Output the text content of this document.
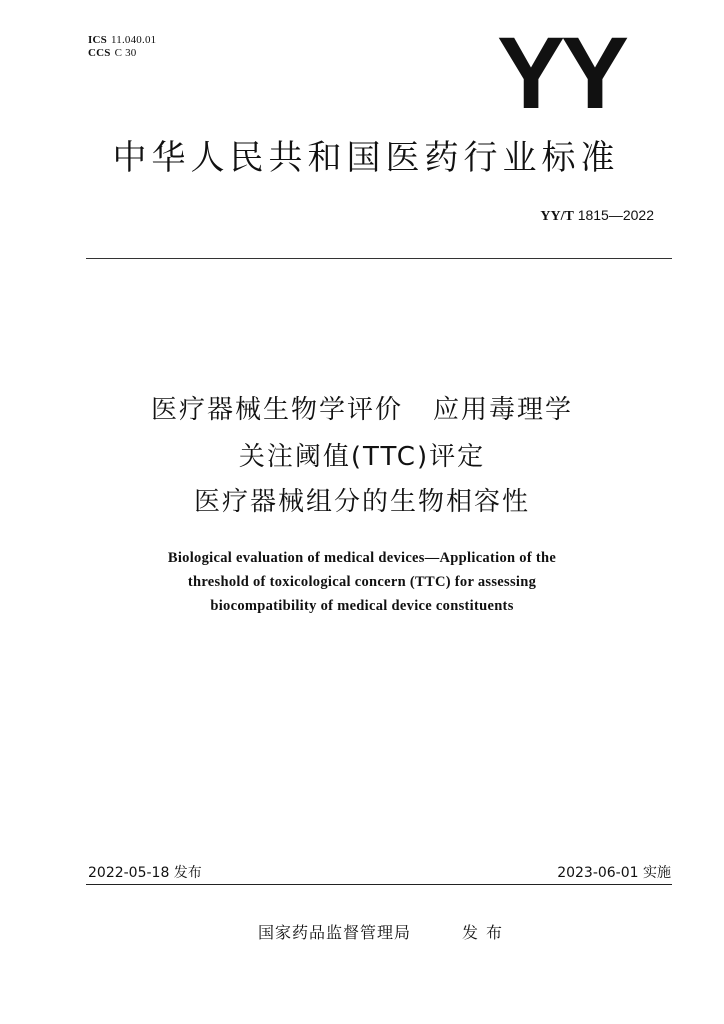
ICS 11.040.01
CCS C 30	YY
中华人民共和国医药行业标准
YY/T 1815—2022
医疗器械生物学评价 应用毒理学
关注阈值(TTC)评定
医疗器械组分的生物相容性
Biological evaluation of medical devices—Application of the
threshold of toxicological concern (TTC) for assessing
biocompatibility of medical device constituents
2022-05-18 发布	2023-06-01 实施
国家药品监督管理局	发布
